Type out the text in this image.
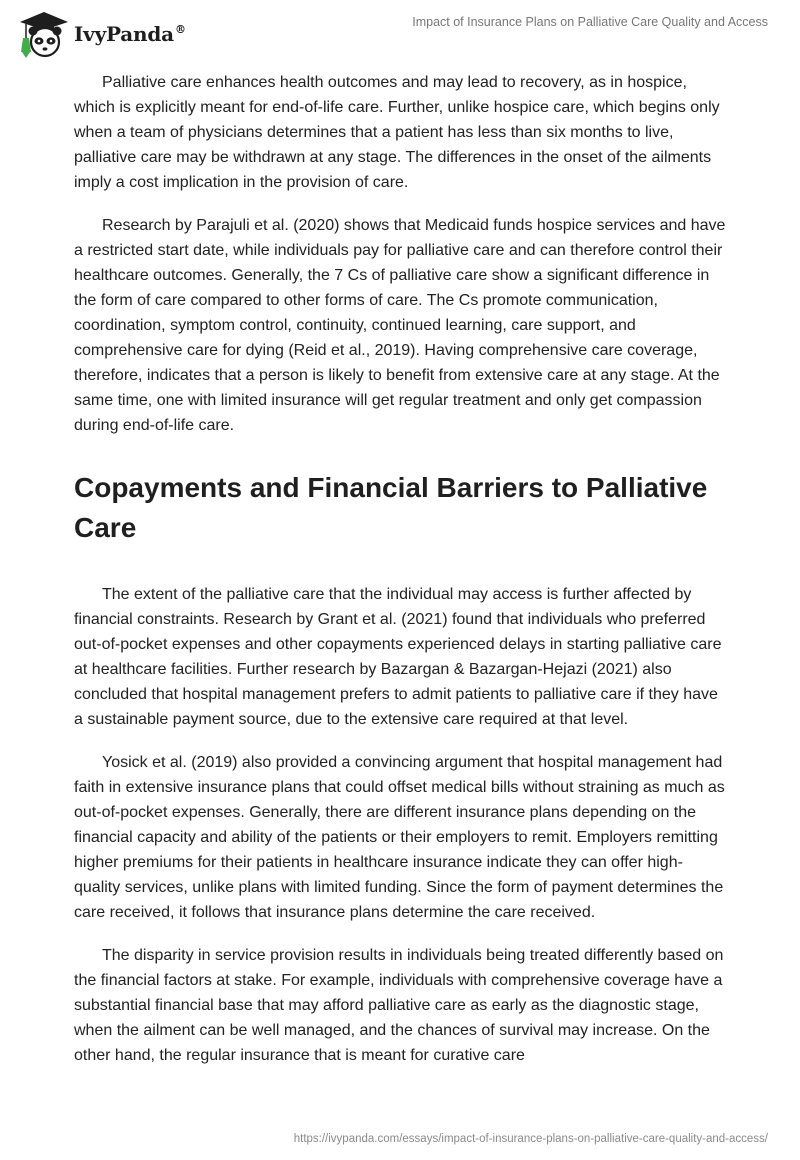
IvyPanda®
Impact of Insurance Plans on Palliative Care Quality and Access

Palliative care enhances health outcomes and may lead to recovery, as in hospice, which is explicitly meant for end-of-life care. Further, unlike hospice care, which begins only when a team of physicians determines that a patient has less than six months to live, palliative care may be withdrawn at any stage. The differences in the onset of the ailments imply a cost implication in the provision of care.

Research by Parajuli et al. (2020) shows that Medicaid funds hospice services and have a restricted start date, while individuals pay for palliative care and can therefore control their healthcare outcomes. Generally, the 7 Cs of palliative care show a significant difference in the form of care compared to other forms of care. The Cs promote communication, coordination, symptom control, continuity, continued learning, care support, and comprehensive care for dying (Reid et al., 2019). Having comprehensive care coverage, therefore, indicates that a person is likely to benefit from extensive care at any stage. At the same time, one with limited insurance will get regular treatment and only get compassion during end-of-life care.

Copayments and Financial Barriers to Palliative Care

The extent of the palliative care that the individual may access is further affected by financial constraints. Research by Grant et al. (2021) found that individuals who preferred out-of-pocket expenses and other copayments experienced delays in starting palliative care at healthcare facilities. Further research by Bazargan & Bazargan-Hejazi (2021) also concluded that hospital management prefers to admit patients to palliative care if they have a sustainable payment source, due to the extensive care required at that level.

Yosick et al. (2019) also provided a convincing argument that hospital management had faith in extensive insurance plans that could offset medical bills without straining as much as out-of-pocket expenses. Generally, there are different insurance plans depending on the financial capacity and ability of the patients or their employers to remit. Employers remitting higher premiums for their patients in healthcare insurance indicate they can offer high-quality services, unlike plans with limited funding. Since the form of payment determines the care received, it follows that insurance plans determine the care received.

The disparity in service provision results in individuals being treated differently based on the financial factors at stake. For example, individuals with comprehensive coverage have a substantial financial base that may afford palliative care as early as the diagnostic stage, when the ailment can be well managed, and the chances of survival may increase. On the other hand, the regular insurance that is meant for curative care

https://ivypanda.com/essays/impact-of-insurance-plans-on-palliative-care-quality-and-access/
